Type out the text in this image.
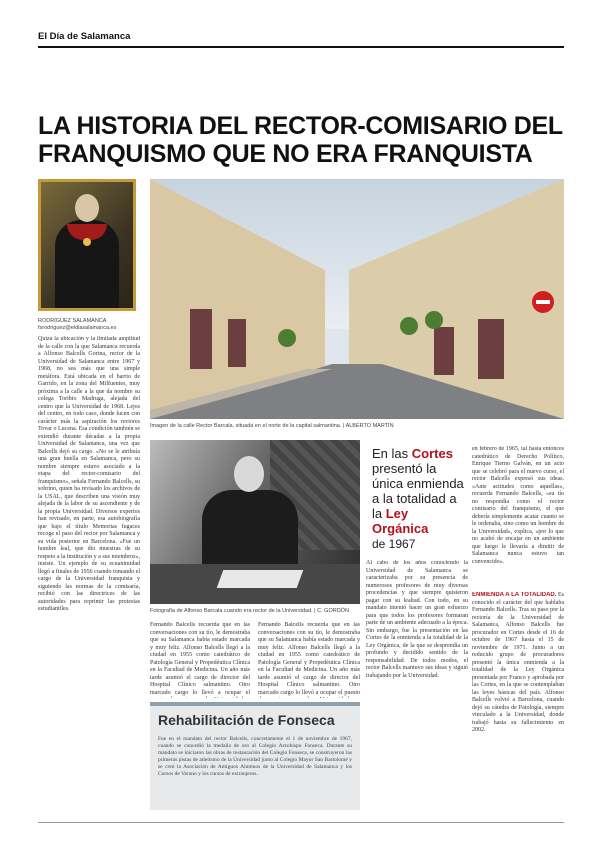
El Día de Salamanca
LA HISTORIA DEL RECTOR-COMISARIO DEL FRANQUISMO QUE NO ERA FRANQUISTA
RODRÍGUEZ SALAMANCA
fsrodriguez@eldiasalamanca.es
Imagen de la calle Rector Barcala, situada en el norte de la capital salmantina. | ALBERTO MARTÍN
Quizá la ubicación y la limitada amplitud de la calle con la que Salamanca recuerda a Alfonso Balcells Gorina, rector de la Universidad de Salamanca entre 1967 y 1968, no sea más que una simple metáfora. Está ubicada en el barrio de Garrido, en la zona del Milfuentes, muy próxima a la calle a la que da nombre su colega Toribio Madruga, alejada del centro que la Universidad de 1968. Lejos del centro, en todo caso, donde lucen con carácter más la aspiración los rectores Tovar o Lucena. Esa condición también se extendió durante décadas a la propia Universidad de Salamanca, una vez que Balcells dejó su cargo. «No se le atribuía una gran huella en Salamanca, pero su nombre siempre estuvo asociado a la etapa del rector-comisario del franquismo», señala Fernando Balcells, su sobrino, quien ha revisado los archivos de la USAL, que describen una visión muy alejada de la labor de su ascendiente y de la propia Universidad. Diversos expertos han revisado, en parte, esa autobiografía que bajo el título Memorias fugaces recoge el paso del rector por Salamanca y su vida posterior en Barcelona. «Fue un hombre leal, que dio muestras de su respeto a la institución y a sus miembros», insiste. Un ejemplo de su ecuanimidad llegó a finales de 1956 cuando tomando el cargo de la Universidad franquista y siguiendo las normas de la comisaría, recibió con las directrices de las autoridades para reprimir las protestas estudiantiles.	Fotografía de Alfonso Barcala cuando era rector de la Universidad. | C. GORDÓN
En las Cortes presentó la única enmienda a la totalidad a la Ley Orgánica
de 1967
Fernando Balcells recuerda que en las conversaciones con su tío, le demostraba que su Salamanca había estado marcada y muy feliz. Alfonso Balcells llegó a la ciudad en 1955 como catedrático de Patología General y Propedéutica Clínica en la Facultad de Medicina. Un año más tarde asumió el cargo de director del Hospital Clínico salmantino. Otro marcado cargo lo llevó a ocupar el
Fernando Balcells recuerda que en las conversaciones con su tío, le demostraba que su Salamanca había estado marcada y muy feliz. Alfonso Balcells llegó a la ciudad en 1955 como catedrático de Patología General y Propedéutica Clínica en la Facultad de Medicina. Un año más tarde asumió el cargo de director del Hospital Clínico salmantino. Otro marcado cargo lo llevó a ocupar el puesto
Al cabo de los años conociendo la Universidad de Salamanca se caracterizaba por su presencia de numerosos profesores de muy diversas procedencias y que siempre quisieron pagar con su lealtad. Con todo, en su mandato intentó hacer un gran esfuerzo para que todos los profesores formaran parte de un ambiente adecuado a la época. Sin embargo, fue la presentación en las Cortes de la enmienda a la totalidad de la Ley Orgánica, de la que se desprendía un profundo y decidido sentido de la responsabilidad. De todos modos, el rector Balcells mantuvo sus ideas y siguió trabajando por la Universidad.
en febrero de 1965, tal hasta entonces catedrático de Derecho Político, Enrique Tierno Galván, en un acto que se celebró para el nuevo curso, el rector Balcells expresó sus ideas. «Ante actitudes como aquellas», recuerda Fernando Balcells, «su tío no respondía como el rector comisario del franquismo, el que debería simplemente acatar cuanto se le ordenaba, sino como un hombre de la Universidad», explica, «por lo que no acabó de encajar en un ambiente que luego le llevaría a dimitir de Salamanca nunca estuvo tan convencido».
ENMIENDA A LA TOTALIDAD. Es conocido el carácter del que hablaba Fernando Balcells. Tras su paso por la rectoría de la Universidad de Salamanca, Alfonso Balcells fue procurador en Cortes desde el 16 de octubre de 1967 hasta el 15 de noviembre de 1971. Junto a un reducido grupo de procuradores presentó la única enmienda a la totalidad de la Ley Orgánica presentada por Franco y aprobada por las Cortes, en la que se contemplaban las leyes básicas del país. Alfonso Balcells volvió a Barcelona, cuando dejó su cátedra de Patología, siempre vinculado a la Universidad, donde trabajó hasta su fallecimiento en 2002.
Rehabilitación de Fonseca
Fue en el mandato del rector Balcells, concretamente el 1 de noviembre de 1967, cuando se concedió la medalla de oro al Colegio Arzobispo Fonseca. Durante su mandato se iniciaron las obras de restauración del Colegio Fonseca, se construyeron las primeras pistas de atletismo de la Universidad junto al Colegio Mayor San Bartolomé y se creó la Asociación de Antiguos Alumnos de la Universidad de Salamanca y los Cursos de Verano y los cursos de extranjeros.
